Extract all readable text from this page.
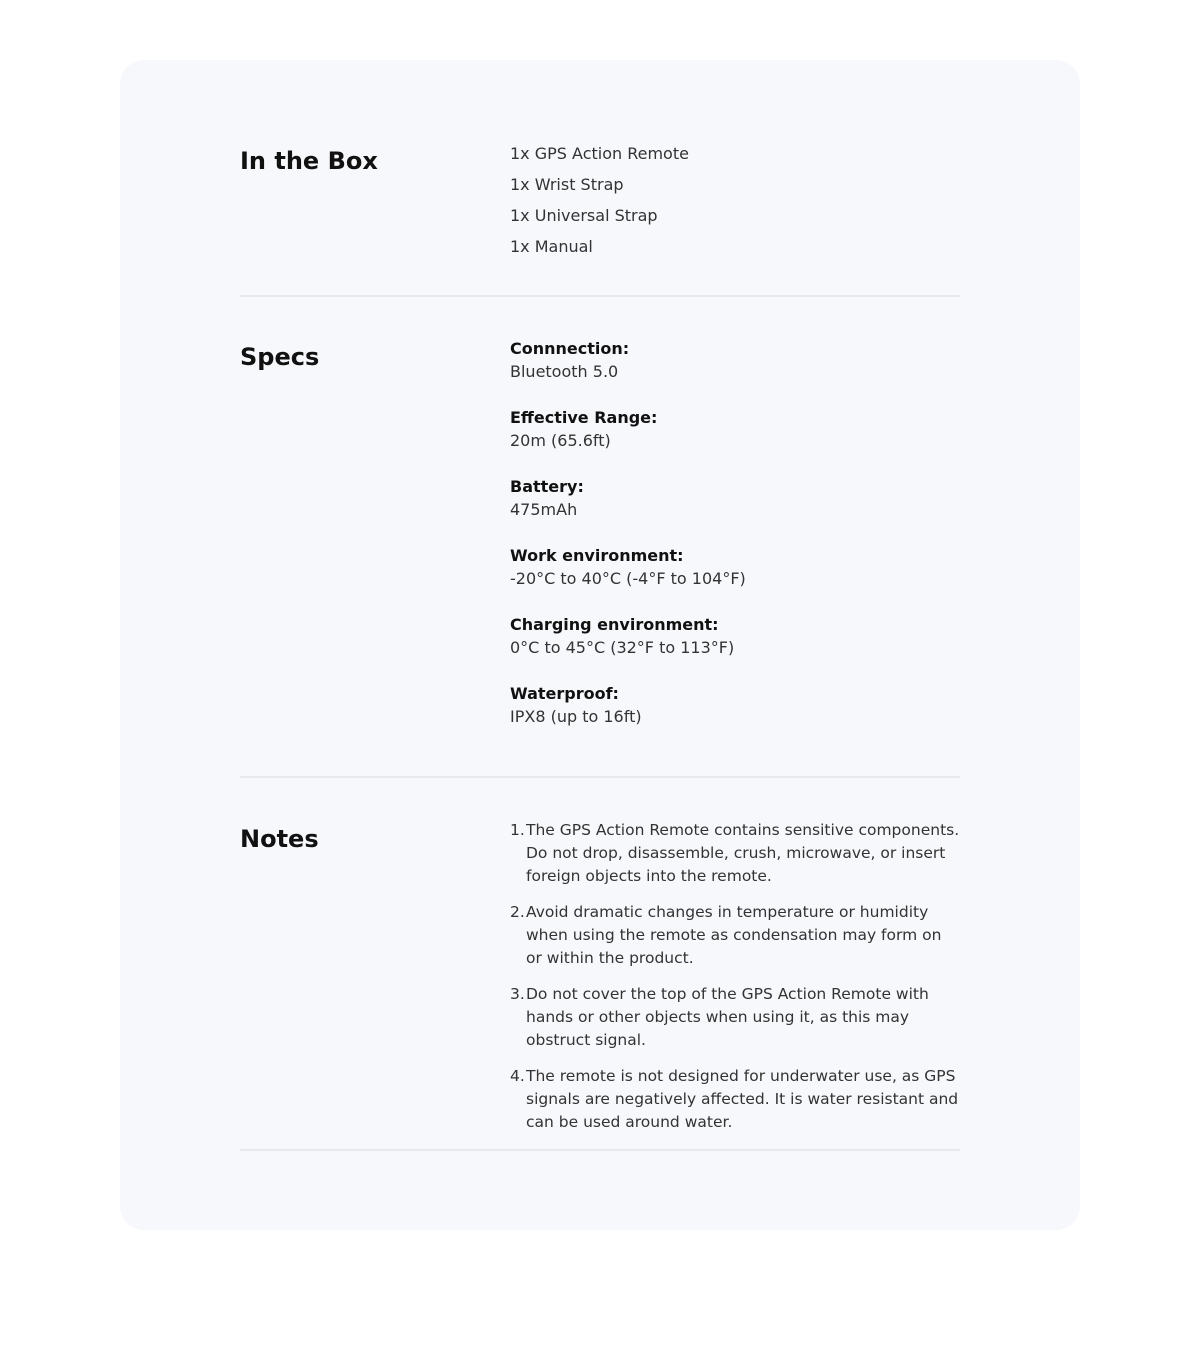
In the Box	1x GPS Action Remote

1x Wrist Strap

1x Universal Strap

1x Manual

Specs	Connnection:

Bluetooth 5.0

Effective Range:

20m (65.6ft)

Battery:

475mAh

Work environment:

-20°C to 40°C (-4°F to 104°F)

Charging environment:

0°C to 45°C (32°F to 113°F)

Waterproof:

IPX8 (up to 16ft)

Notes	1. The GPS Action Remote contains sensitive components. Do not drop, disassemble, crush, microwave, or insert foreign objects into the remote.
2. Avoid dramatic changes in temperature or humidity when using the remote as condensation may form on or within the product.
3. Do not cover the top of the GPS Action Remote with hands or other objects when using it, as this may obstruct signal.
4. The remote is not designed for underwater use, as GPS signals are negatively affected. It is water resistant and can be used around water.
